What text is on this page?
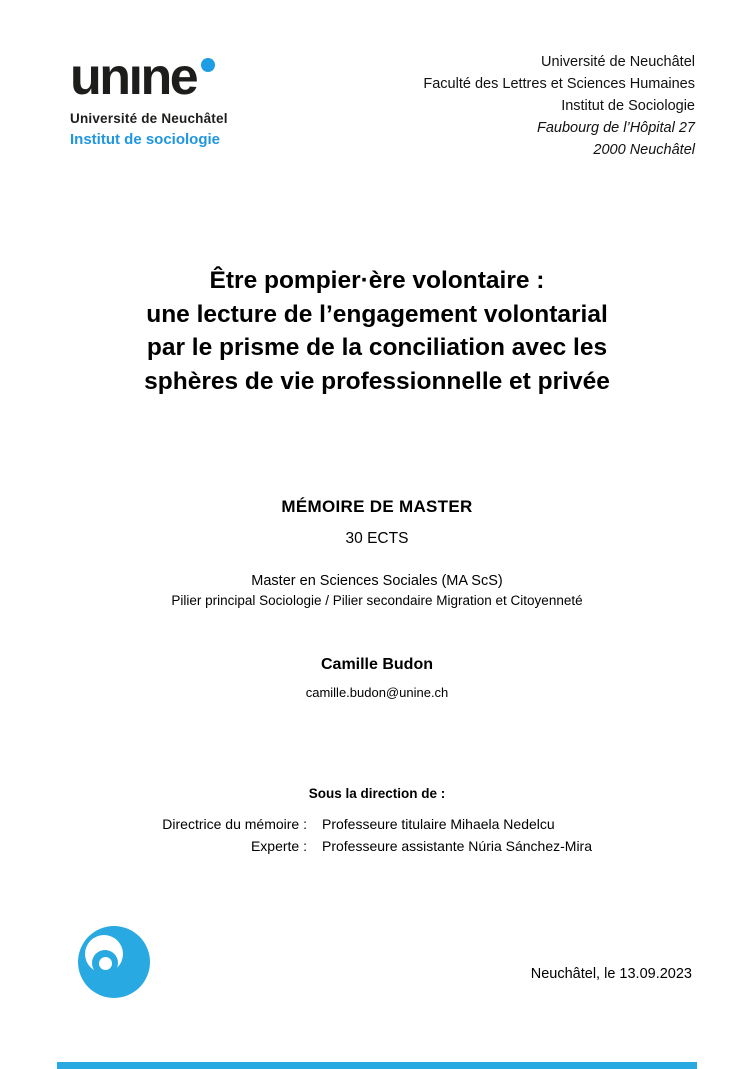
unıne
Université de Neuchâtel
Institut de sociologie
Université de Neuchâtel
Faculté des Lettres et Sciences Humaines
Institut de Sociologie
Faubourg de l’Hôpital 27
2000 Neuchâtel
Être pompier·ère volontaire :
une lecture de l’engagement volontarial
par le prisme de la conciliation avec les
sphères de vie professionnelle et privée
MÉMOIRE DE MASTER
30 ECTS
Master en Sciences Sociales (MA ScS)
Pilier principal Sociologie / Pilier secondaire Migration et Citoyenneté
Camille Budon
camille.budon@unine.ch
Sous la direction de :
Directrice du mémoire : Professeure titulaire Mihaela Nedelcu
Experte : Professeure assistante Núria Sánchez-Mira
Neuchâtel, le 13.09.2023
